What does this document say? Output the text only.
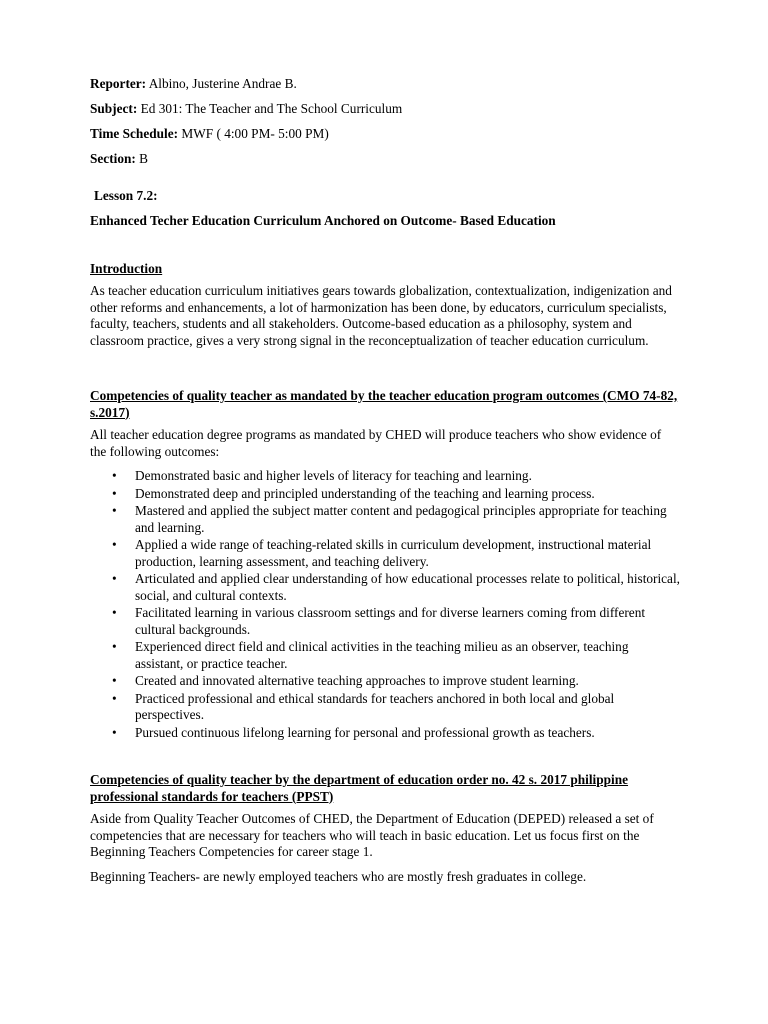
Reporter: Albino, Justerine Andrae B.
Subject: Ed 301: The Teacher and The School Curriculum
Time Schedule: MWF ( 4:00 PM- 5:00 PM)
Section: B
Lesson 7.2:
Enhanced Techer Education Curriculum Anchored on Outcome- Based Education
Introduction
As teacher education curriculum initiatives gears towards globalization, contextualization, indigenization and other reforms and enhancements, a lot of harmonization has been done, by educators, curriculum specialists, faculty, teachers, students and all stakeholders. Outcome-based education as a philosophy, system and classroom practice, gives a very strong signal in the reconceptualization of teacher education curriculum.
Competencies of quality teacher as mandated by the teacher education program outcomes (CMO 74-82, s.2017)
All teacher education degree programs as mandated by CHED will produce teachers who show evidence of the following outcomes:
• Demonstrated basic and higher levels of literacy for teaching and learning.
• Demonstrated deep and principled understanding of the teaching and learning process.
• Mastered and applied the subject matter content and pedagogical principles appropriate for teaching and learning.
• Applied a wide range of teaching-related skills in curriculum development, instructional material production, learning assessment, and teaching delivery.
• Articulated and applied clear understanding of how educational processes relate to political, historical, social, and cultural contexts.
• Facilitated learning in various classroom settings and for diverse learners coming from different cultural backgrounds.
• Experienced direct field and clinical activities in the teaching milieu as an observer, teaching assistant, or practice teacher.
• Created and innovated alternative teaching approaches to improve student learning.
• Practiced professional and ethical standards for teachers anchored in both local and global perspectives.
• Pursued continuous lifelong learning for personal and professional growth as teachers.
Competencies of quality teacher by the department of education order no. 42 s. 2017 philippine professional standards for teachers (PPST)
Aside from Quality Teacher Outcomes of CHED, the Department of Education (DEPED) released a set of competencies that are necessary for teachers who will teach in basic education. Let us focus first on the Beginning Teachers Competencies for career stage 1.
Beginning Teachers- are newly employed teachers who are mostly fresh graduates in college.
